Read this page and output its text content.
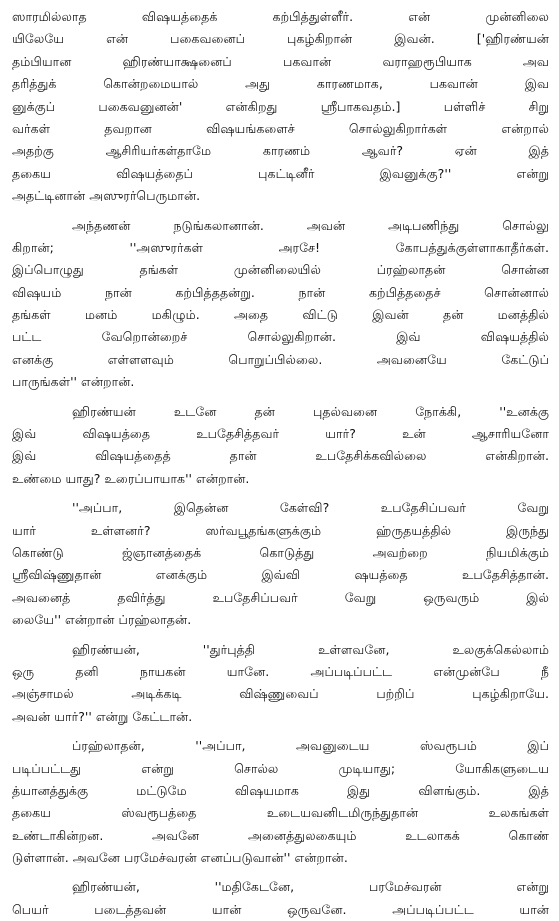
ஸாரமில்லாத விஷயத்தைக் கற்பித்துள்ளீர். என் முன்னிலை
யிலேயே என் பகைவனைப் புகழ்கிறான் இவன். ['ஹிரண்யன்
தம்பியான ஹிரண்யாக்ஷனைப் பகவான் வராஹரூபியாக அவ
தரித்துக் கொன்றமையால் அது காரணமாக, பகவான் இவ
னுக்குப் பகைவனுனன்' என்கிறது ஸ்ரீபாகவதம்.] பள்ளிச் சிறு
வர்கள் தவறான விஷயங்களைச் சொல்லுகிறார்கள் என்றால்
அதற்கு ஆசிரியர்கள்தாமே காரணம் ஆவர்? ஏன் இத்
தகைய விஷயத்தைப் புகட்டினீர் இவனுக்கு?'' என்று
அதட்டினான் அஸுரர்பெருமான்.
அந்தணன் நடுங்கலானான். அவன் அடிபணிந்து சொல்லு
கிறான்; ''அஸுரர்கள் அரசே! கோபத்துக்குள்ளாகாதீர்கள்.
இப்பொழுது தங்கள் முன்னிலையில் ப்ரஹ்லாதன் சொன்ன
விஷயம் நான் கற்பித்ததன்று. நான் கற்பித்ததைச் சொன்னால்
தங்கள் மனம் மகிழும். அதை விட்டு இவன் தன் மனத்தில்
பட்ட வேறொன்றைச் சொல்லுகிறான். இவ் விஷயத்தில்
எனக்கு எள்ளளவும் பொறுப்பில்லை. அவனையே கேட்டுப்
பாருங்கள்'' என்றான்.
ஹிரண்யன் உடனே தன் புதல்வனை நோக்கி, ''உனக்கு
இவ் விஷயத்தை உபதேசித்தவர் யார்? உன் ஆசாரியனோ
இவ் விஷயத்தைத் தான் உபதேசிக்கவில்லை என்கிறான்.
உண்மை யாது? உரைப்பாயாக'' என்றான்.
''அப்பா, இதென்ன கேள்வி? உபதேசிப்பவர் வேறு
யார் உள்ளனர்? ஸர்வபூதங்களுக்கும் ஹ்ருதயத்தில் இருந்து
கொண்டு ஜ்ஞானத்தைக் கொடுத்து அவற்றை நியமிக்கும்
ஸ்ரீவிஷ்ணுதான் எனக்கும் இவ்வி ஷயத்தை உபதேசித்தான்.
அவனைத் தவிர்த்து உபதேசிப்பவர் வேறு ஒருவரும் இல்
லையே'' என்றான் ப்ரஹ்லாதன்.
ஹிரண்யன், ''துர்புத்தி உள்ளவனே, உலகுக்கெல்லாம்
ஒரு தனி நாயகன் யானே. அப்படிப்பட்ட என்முன்பே நீ
அஞ்சாமல் அடிக்கடி விஷ்ணுவைப் பற்றிப் புகழ்கிறாயே.
அவன் யார்?'' என்று கேட்டான்.
ப்ரஹ்லாதன், ''அப்பா, அவனுடைய ஸ்வரூபம் இப்
படிப்பட்டது என்று சொல்ல முடியாது; யோகிகளுடைய
த்யானத்துக்கு மட்டுமே விஷயமாக இது விளங்கும். இத்
தகைய ஸ்வரூபத்தை உடையவனிடமிருந்துதான் உலகங்கள்
உண்டாகின்றன. அவனே அனைத்துலகையும் உடலாகக் கொண்
டுள்ளான். அவனே பரமேச்வரன் எனப்படுவான்'' என்றான்.
ஹிரண்யன், ''மதிகேடனே, பரமேச்வரன் என்று
பெயர் படைத்தவன் யான் ஒருவனே. அப்படிப்பட்ட யான்
